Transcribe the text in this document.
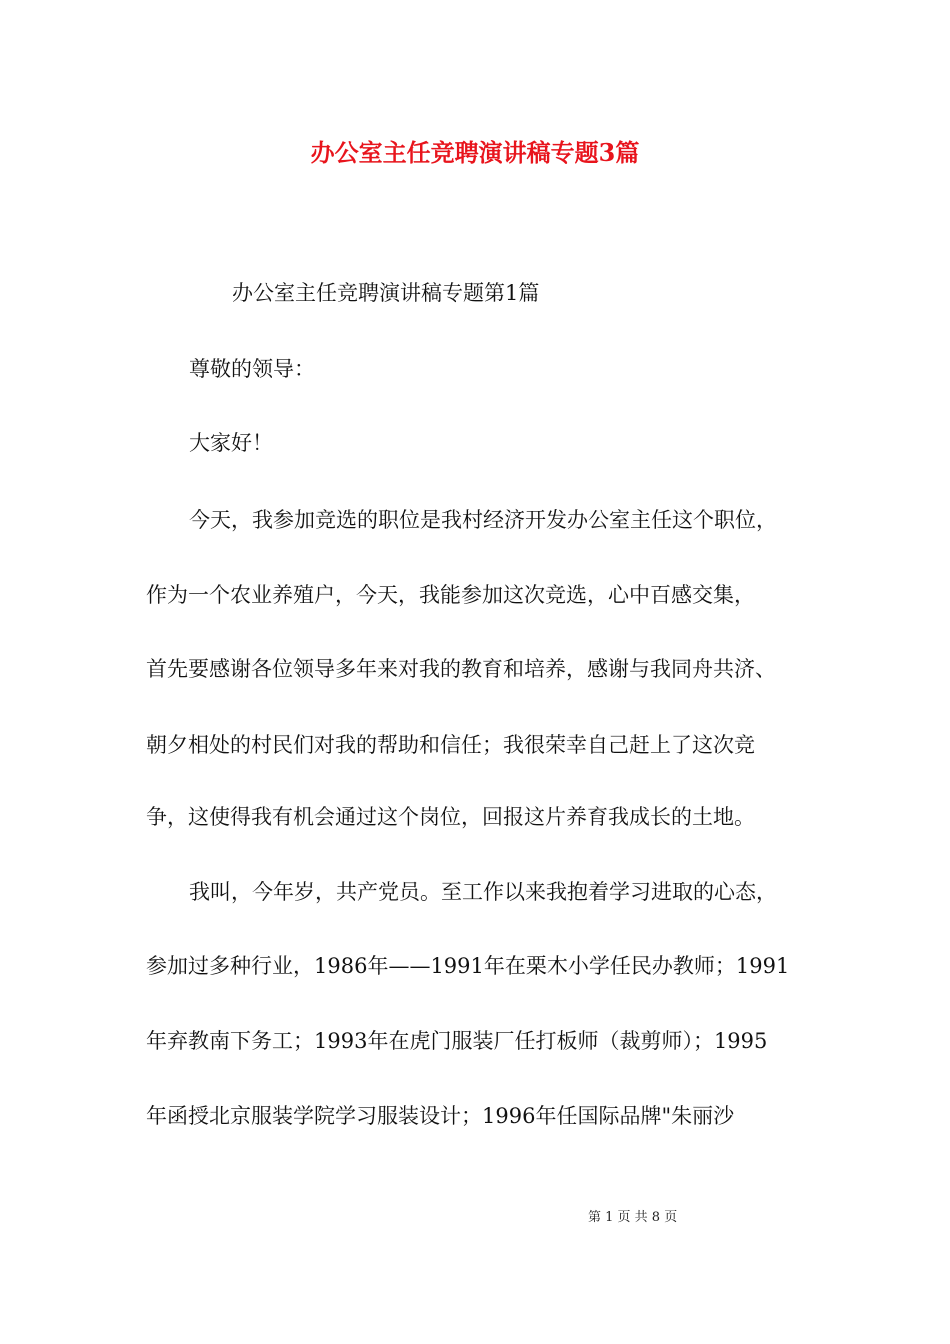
办公室主任竞聘演讲稿专题3篇
办公室主任竞聘演讲稿专题第1篇
尊敬的领导：
大家好！
今天，我参加竞选的职位是我村经济开发办公室主任这个职位，
作为一个农业养殖户，今天，我能参加这次竞选，心中百感交集，
首先要感谢各位领导多年来对我的教育和培养，感谢与我同舟共济、
朝夕相处的村民们对我的帮助和信任；我很荣幸自己赶上了这次竞
争，这使得我有机会通过这个岗位，回报这片养育我成长的土地。
我叫，今年岁，共产党员。至工作以来我抱着学习进取的心态，
参加过多种行业，1986年——1991年在栗木小学任民办教师；1991
年弃教南下务工；1993年在虎门服装厂任打板师（裁剪师）；1995
年函授北京服装学院学习服装设计；1996年任国际品牌"朱丽沙
第 1 页 共 8 页
